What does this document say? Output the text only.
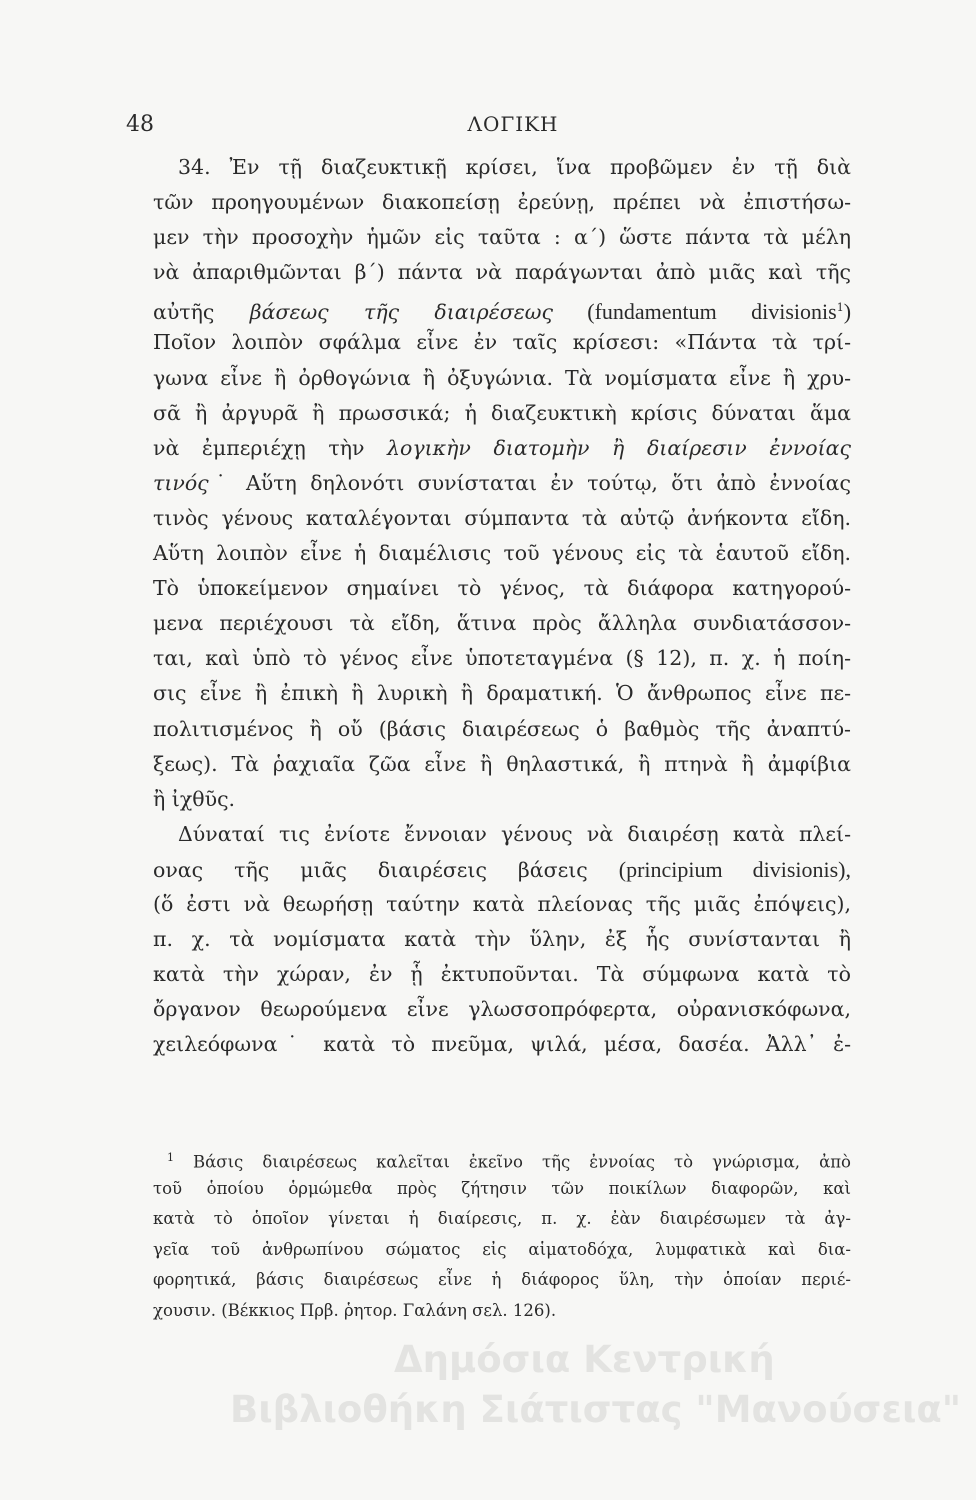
48	ΛΟΓΙΚΗ
34. Ἐν τῇ διαζευκτικῇ κρίσει, ἵνα προβῶμεν ἐν τῇ διὰ
τῶν προηγουμένων διακοπείσῃ ἐρεύνῃ, πρέπει νὰ ἐπιστήσω-
μεν τὴν προσοχὴν ἡμῶν εἰς ταῦτα : α΄) ὥστε πάντα τὰ μέλη
νὰ ἀπαριθμῶνται β΄) πάντα νὰ παράγωνται ἀπὸ μιᾶς καὶ τῆς
αὐτῆς βάσεως τῆς διαιρέσεως (fundamentum divisionis$^1$)
Ποῖον λοιπὸν σφάλμα εἶνε ἐν ταῖς κρίσεσι: «Πάντα τὰ τρί-
γωνα εἶνε ἢ ὀρθογώνια ἢ ὀξυγώνια. Τὰ νομίσματα εἶνε ἢ χρυ-
σᾶ ἢ ἀργυρᾶ ἢ πρωσσικά; ἡ διαζευκτικὴ κρίσις δύναται ἅμα
νὰ ἐμπεριέχῃ τὴν λογικὴν διατομὴν ἢ διαίρεσιν ἐννοίας
τινός˙ Αὕτη δηλονότι συνίσταται ἐν τούτῳ, ὅτι ἀπὸ ἐννοίας
τινὸς γένους καταλέγονται σύμπαντα τὰ αὐτῷ ἀνήκοντα εἴδη.
Αὕτη λοιπὸν εἶνε ἡ διαμέλισις τοῦ γένους εἰς τὰ ἑαυτοῦ εἴδη.
Τὸ ὑποκείμενον σημαίνει τὸ γένος, τὰ διάφορα κατηγορού-
μενα περιέχουσι τὰ εἴδη, ἅτινα πρὸς ἄλληλα συνδιατάσσον-
ται, καὶ ὑπὸ τὸ γένος εἶνε ὑποτεταγμένα (§ 12), π. χ. ἡ ποίη-
σις εἶνε ἢ ἐπικὴ ἢ λυρικὴ ἢ δραματική. Ὁ ἄνθρωπος εἶνε πε-
πολιτισμένος ἢ οὔ (βάσις διαιρέσεως ὁ βαθμὸς τῆς ἀναπτύ-
ξεως). Τὰ ῥαχιαῖα ζῶα εἶνε ἢ θηλαστικά, ἢ πτηνὰ ἢ ἀμφίβια
ἢ ἰχθῦς.
Δύναταί τις ἐνίοτε ἔννοιαν γένους νὰ διαιρέσῃ κατὰ πλεί-
ονας τῆς μιᾶς διαιρέσεις βάσεις (principium divisionis),
(ὅ ἐστι νὰ θεωρήσῃ ταύτην κατὰ πλείονας τῆς μιᾶς ἐπόψεις),
π. χ. τὰ νομίσματα κατὰ τὴν ὕλην, ἐξ ἧς συνίστανται ἢ
κατὰ τὴν χώραν, ἐν ᾗ ἐκτυποῦνται. Τὰ σύμφωνα κατὰ τὸ
ὄργανον θεωρούμενα εἶνε γλωσσοπρόφερτα, οὐρανισκόφωνα,
χειλεόφωνα˙ κατὰ τὸ πνεῦμα, ψιλά, μέσα, δασέα. Ἀλλ᾽ ἐ-
$^1$ Βάσις διαιρέσεως καλεῖται ἐκεῖνο τῆς ἐννοίας τὸ γνώρισμα, ἀπὸ
τοῦ ὁποίου ὁρμώμεθα πρὸς ζήτησιν τῶν ποικίλων διαφορῶν, καὶ
κατὰ τὸ ὁποῖον γίνεται ἡ διαίρεσις, π. χ. ἐὰν διαιρέσωμεν τὰ ἀγ-
γεῖα τοῦ ἀνθρωπίνου σώματος εἰς αἱματοδόχα, λυμφατικὰ καὶ δια-
φορητικά, βάσις διαιρέσεως εἶνε ἡ διάφορος ὕλη, τὴν ὁποίαν περιέ-
χουσιν. (Βέκκιος Πρβ. ῥητορ. Γαλάνη σελ. 126).
Δημόσια Κεντρική
Βιβλιοθήκη Σιάτιστας "Μανούσεια"
